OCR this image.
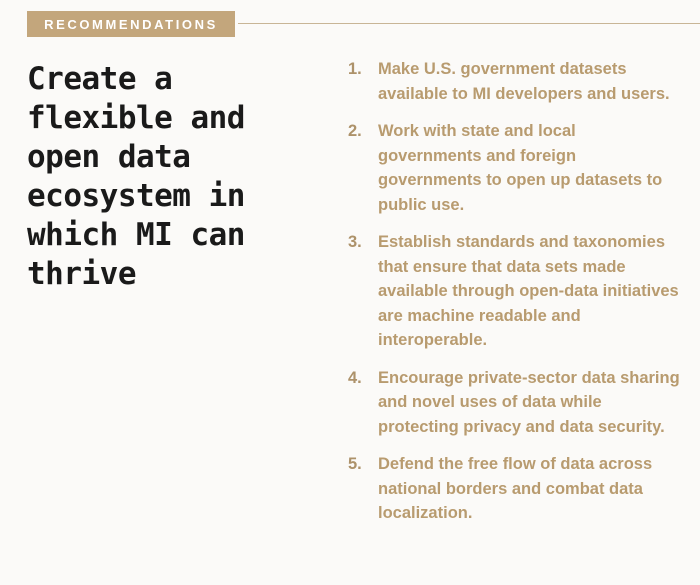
RECOMMENDATIONS
Create a flexible and open data ecosystem in which MI can thrive
1. Make U.S. government datasets available to MI developers and users.
2. Work with state and local governments and foreign governments to open up datasets to public use.
3. Establish standards and taxonomies that ensure that data sets made available through open-data initiatives are machine readable and interoperable.
4. Encourage private-sector data sharing and novel uses of data while protecting privacy and data security.
5. Defend the free flow of data across national borders and combat data localization.
